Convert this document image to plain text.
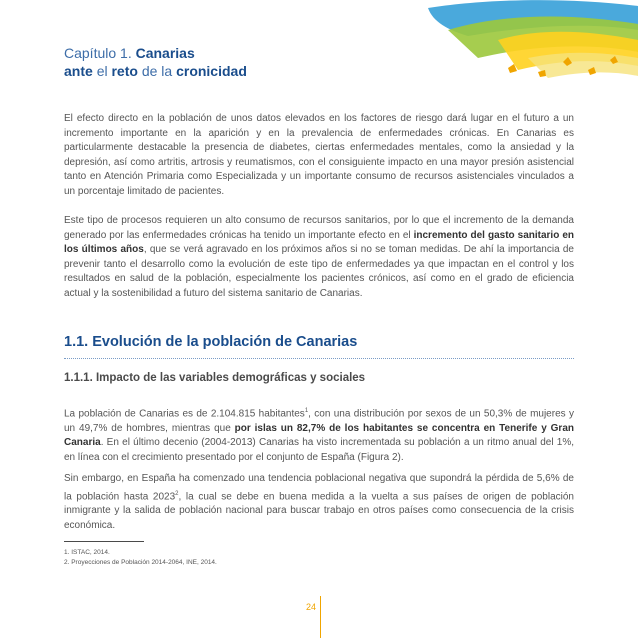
Capítulo 1. Canarias
ante el reto de la cronicidad

El efecto directo en la población de unos datos elevados en los factores de riesgo dará lugar en el futuro a un incremento importante en la aparición y en la prevalencia de enfermedades crónicas. En Canarias es particularmente destacable la presencia de diabetes, ciertas enfermedades mentales, como la ansiedad y la depresión, así como artritis, artrosis y reumatismos, con el consiguiente impacto en una mayor presión asistencial tanto en Atención Primaria como Especializada y un importante consumo de recursos asistenciales vinculados a un porcentaje limitado de pacientes.

Este tipo de procesos requieren un alto consumo de recursos sanitarios, por lo que el incremento de la demanda generado por las enfermedades crónicas ha tenido un importante efecto en el incremento del gasto sanitario en los últimos años, que se verá agravado en los próximos años si no se toman medidas. De ahí la importancia de prevenir tanto el desarrollo como la evolución de este tipo de enfermedades ya que impactan en el control y los resultados en salud de la población, especialmente los pacientes crónicos, así como en el grado de eficiencia actual y la sostenibilidad a futuro del sistema sanitario de Canarias.

1.1. Evolución de la población de Canarias
1.1.1. Impacto de las variables demográficas y sociales

La población de Canarias es de 2.104.815 habitantes$^1$, con una distribución por sexos de un 50,3% de mujeres y un 49,7% de hombres, mientras que por islas un 82,7% de los habitantes se concentra en Tenerife y Gran Canaria. En el último decenio (2004-2013) Canarias ha visto incrementada su población a un ritmo anual del 1%, en línea con el crecimiento presentado por el conjunto de España (Figura 2).

Sin embargo, en España ha comenzado una tendencia poblacional negativa que supondrá la pérdida de 5,6% de la población hasta 2023$^2$, la cual se debe en buena medida a la vuelta a sus países de origen de población inmigrante y la salida de población nacional para buscar trabajo en otros países como consecuencia de la crisis económica.

1. ISTAC, 2014.
2. Proyecciones de Población 2014-2064, INE, 2014.
24
